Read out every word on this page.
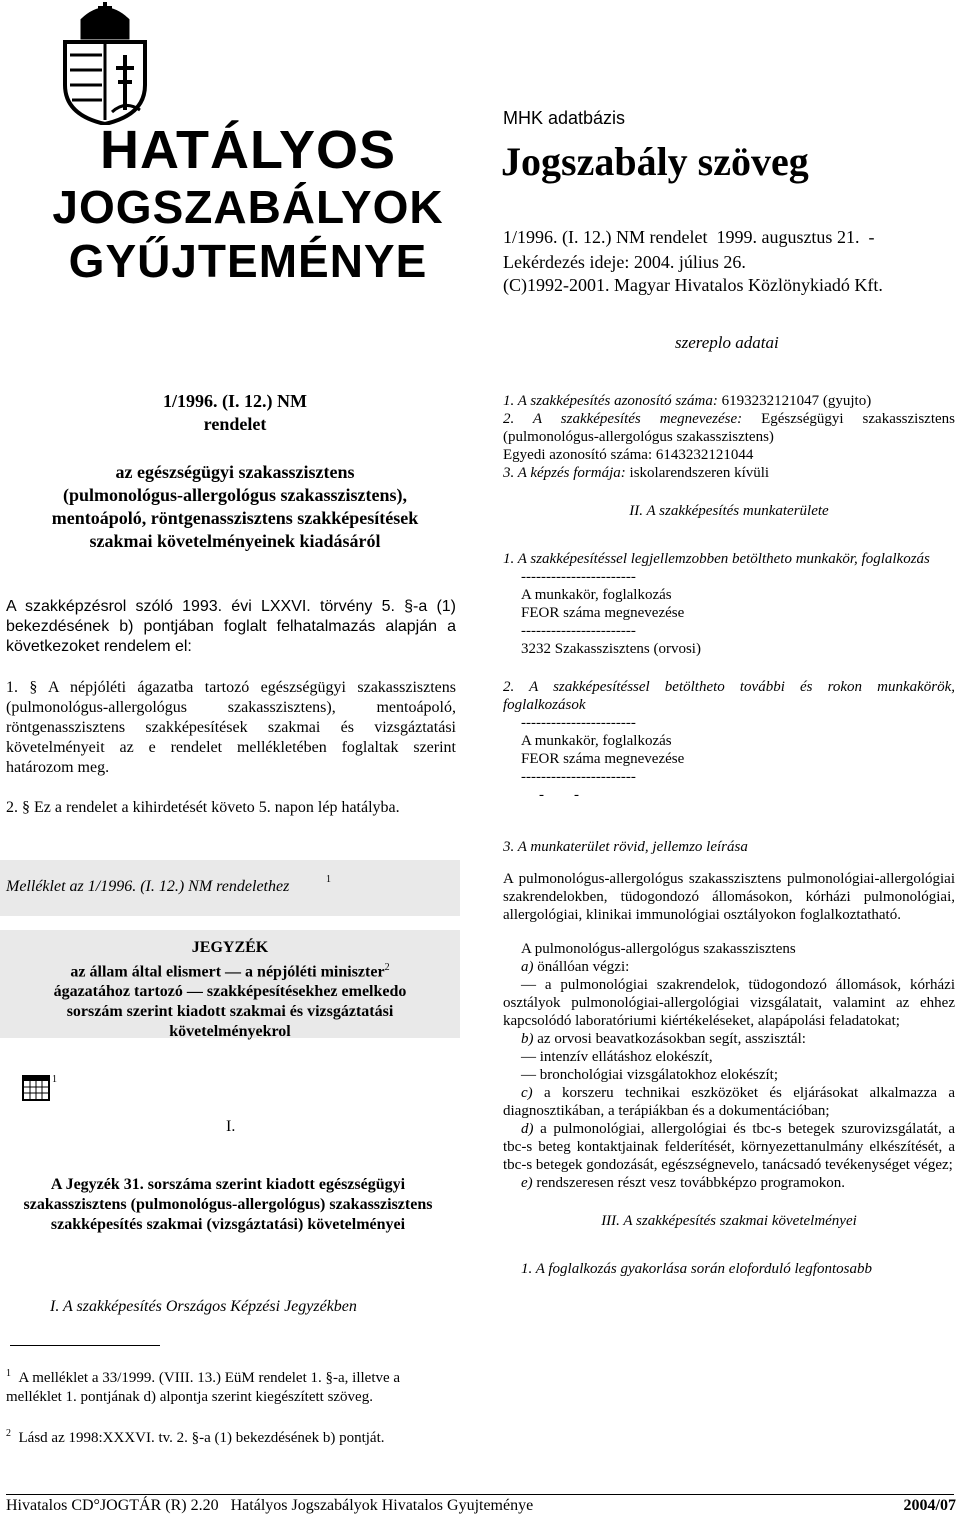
HATÁLYOS
JOGSZABÁLYOK
GYŰJTEMÉNYE
MHK adatbázis
Jogszabály szöveg
1/1996. (I. 12.) NM rendelet  1999. augusztus 21.  -
Lekérdezés ideje: 2004. július 26.
(C)1992-2001. Magyar Hivatalos Közlönykiadó Kft.
szereplo adatai
1/1996. (I. 12.) NM
rendelet
az egészségügyi szakasszisztens
(pulmonológus-allergológus szakasszisztens),
mentoápoló, röntgenasszisztens szakképesítések
szakmai követelményeinek kiadásáról
A szakképzésrol szóló 1993. évi LXXVI. törvény 5. §-a (1) bekezdésének b) pontjában foglalt felhatalmazás alapján a következoket rendelem el:
1. § A népjóléti ágazatba tartozó egészségügyi szakasszisztens (pulmonológus-allergológus szakasszisztens), mentoápoló, röntgenasszisztens szakképesítések szakmai és vizsgáztatási követelményeit az e rendelet mellékletében foglaltak szerint határozom meg.
2. § Ez a rendelet a kihirdetését követo 5. napon lép hatályba.
Melléklet az 1/1996. (I. 12.) NM rendelethez	1
JEGYZÉK
az állam által elismert — a népjóléti miniszter$^2$
ágazatához tartozó — szakképesítésekhez emelkedo
sorszám szerint kiadott szakmai és vizsgáztatási
követelményekrol
1
I.
A Jegyzék 31. sorszáma szerint kiadott egészségügyi szakasszisztens (pulmonológus-allergológus) szakasszisztens szakképesítés szakmai (vizsgáztatási) követelményei
I. A szakképesítés Országos Képzési Jegyzékben
$^1$ A melléklet a 33/1999. (VIII. 13.) EüM rendelet 1. §-a, illetve a melléklet 1. pontjának d) alpontja szerint kiegészített szöveg.
$^2$ Lásd az 1998:XXXVI. tv. 2. §-a (1) bekezdésének b) pontját.
1. A szakképesítés azonosító száma: 6193232121047 (gyujto)
2. A szakképesítés megnevezése: Egészségügyi szakasszisztens (pulmonológus-allergológus szakasszisztens)
Egyedi azonosító száma: 6143232121044
3. A képzés formája: iskolarendszeren kívüli
II. A szakképesítés munkaterülete
1. A szakképesítéssel legjellemzobben betöltheto munkakör, foglalkozás
-----------------------
A munkakör, foglalkozás
FEOR száma megnevezése
-----------------------
3232 Szakasszisztens (orvosi)
2. A szakképesítéssel betöltheto további és rokon munkakörök, foglalkozások
-----------------------
A munkakör, foglalkozás
FEOR száma megnevezése
-----------------------
-        -
3. A munkaterület rövid, jellemzo leírása
A pulmonológus-allergológus szakasszisztens pulmonológiai-allergológiai szakrendelokben, tüdogondozó állomásokon, kórházi pulmonológiai, allergológiai, klinikai immunológiai osztályokon foglalkoztatható.
A pulmonológus-allergológus szakasszisztens
a) önállóan végzi:
— a pulmonológiai szakrendelok, tüdogondozó állomások, kórházi osztályok pulmonológiai-allergológiai vizsgálatait, valamint az ehhez kapcsolódó laboratóriumi kiértékeléseket, alapápolási feladatokat;
b) az orvosi beavatkozásokban segít, asszisztál:
— intenzív ellátáshoz elokészít,
— bronchológiai vizsgálatokhoz elokészít;
c) a korszeru technikai eszközöket és eljárásokat alkalmazza a diagnosztikában, a terápiákban és a dokumentációban;
d) a pulmonológiai, allergológiai és tbc-s betegek szurovizsgálatát, a tbc-s beteg kontaktjainak felderítését, környezettanulmány elkészítését, a tbc-s betegek gondozását, egészségnevelo, tanácsadó tevékenységet végez;
e) rendszeresen részt vesz továbbképzo programokon.
III. A szakképesítés szakmai követelményei
1. A foglalkozás gyakorlása során eloforduló legfontosabb
Hivatalos CD°JOGTÁR (R) 2.20   Hatályos Jogszabályok Hivatalos Gyujteménye	2004/07
